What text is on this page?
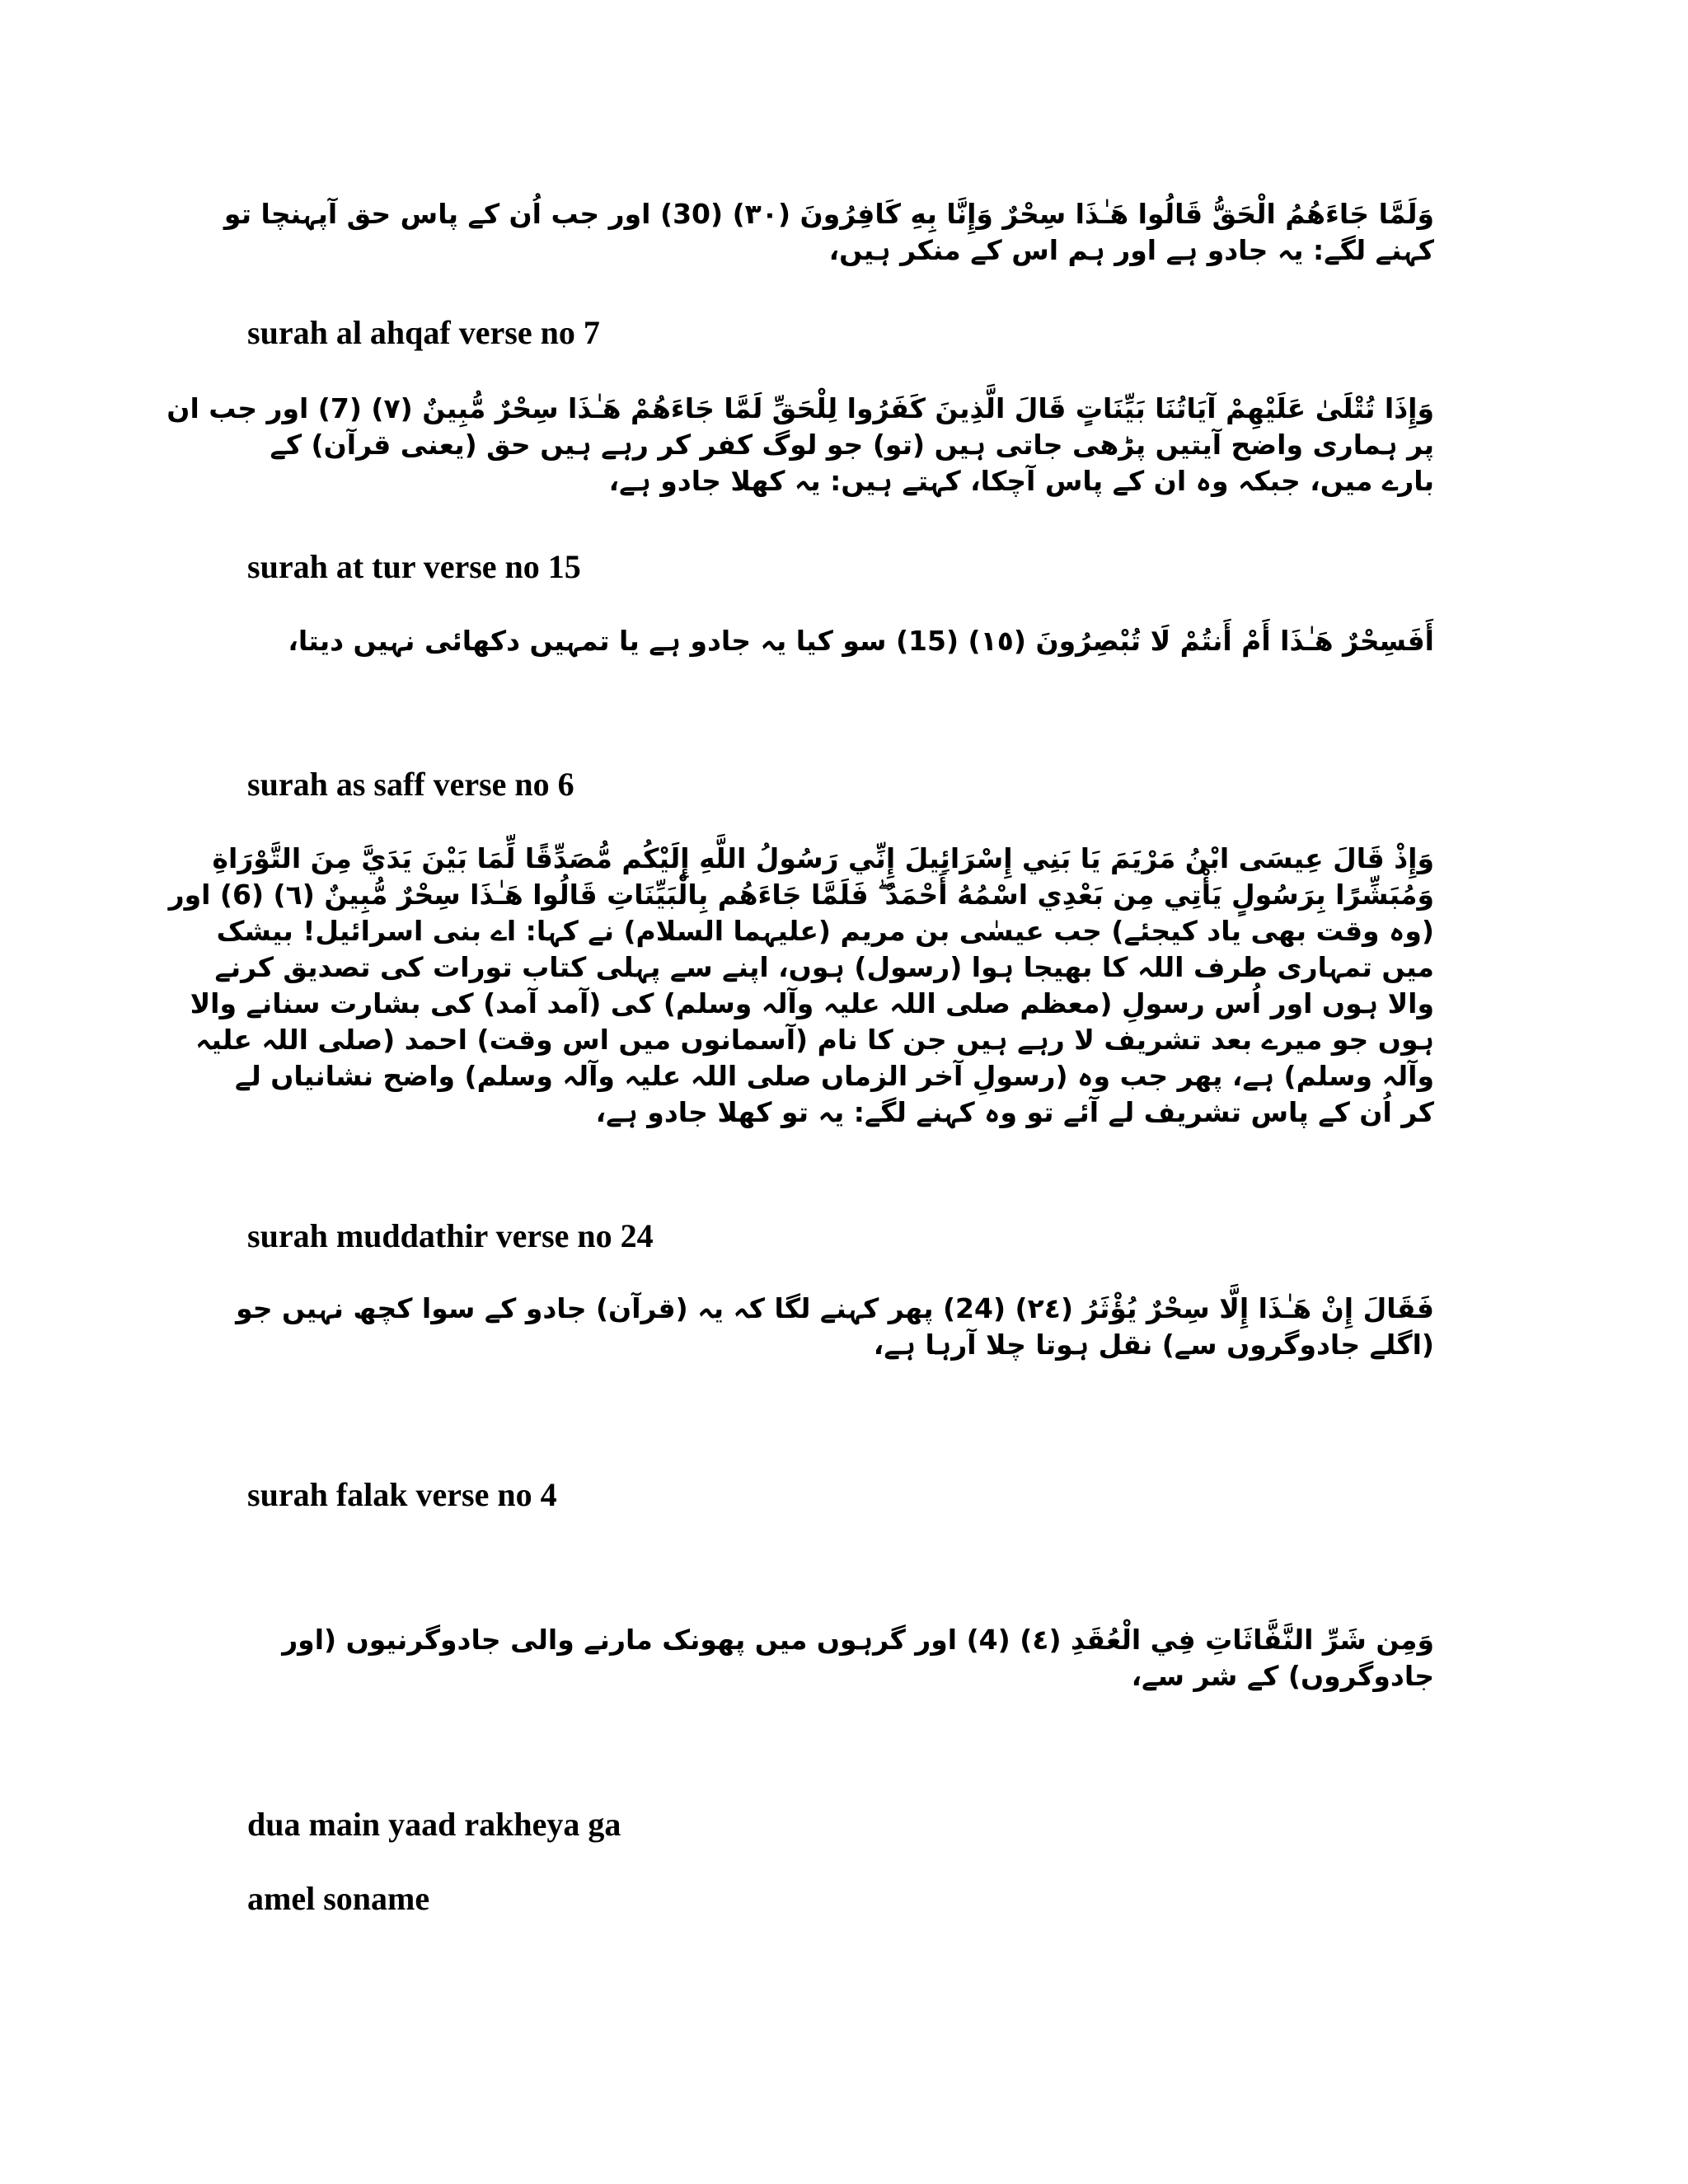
وَلَمَّا جَاءَهُمُ الْحَقُّ قَالُوا هَـٰذَا سِحْرٌ وَإِنَّا بِهِ كَافِرُونَ (٣٠) (30) اور جب اُن کے پاس حق آپہنچا تو
کہنے لگے: یہ جادو ہے اور ہم اس کے منکر ہیں،
surah al ahqaf verse no 7
وَإِذَا تُتْلَىٰ عَلَيْهِمْ آيَاتُنَا بَيِّنَاتٍ قَالَ الَّذِينَ كَفَرُوا لِلْحَقِّ لَمَّا جَاءَهُمْ هَـٰذَا سِحْرٌ مُّبِينٌ (٧) (7) اور جب ان
پر ہماری واضح آیتیں پڑھی جاتی ہیں (تو) جو لوگ کفر کر رہے ہیں حق (یعنی قرآن) کے
بارے میں، جبکہ وہ ان کے پاس آچکا، کہتے ہیں: یہ کھلا جادو ہے،
surah at tur verse no 15
أَفَسِحْرٌ هَـٰذَا أَمْ أَنتُمْ لَا تُبْصِرُونَ (١٥) (15) سو کیا یہ جادو ہے یا تمہیں دکھائی نہیں دیتا،
surah as saff verse no 6
وَإِذْ قَالَ عِيسَى ابْنُ مَرْيَمَ يَا بَنِي إِسْرَائِيلَ إِنِّي رَسُولُ اللَّهِ إِلَيْكُم مُّصَدِّقًا لِّمَا بَيْنَ يَدَيَّ مِنَ التَّوْرَاةِ
وَمُبَشِّرًا بِرَسُولٍ يَأْتِي مِن بَعْدِي اسْمُهُ أَحْمَدُ ۖ فَلَمَّا جَاءَهُم بِالْبَيِّنَاتِ قَالُوا هَـٰذَا سِحْرٌ مُّبِينٌ (٦) (6) اور
(وہ وقت بھی یاد کیجئے) جب عیسٰی بن مریم (علیہما السلام) نے کہا: اے بنی اسرائیل! بیشک
میں تمہاری طرف اللہ کا بھیجا ہوا (رسول) ہوں، اپنے سے پہلی کتاب تورات کی تصدیق کرنے
والا ہوں اور اُس رسولِ (معظم صلی اللہ علیہ وآلہ وسلم) کی (آمد آمد) کی بشارت سنانے والا
ہوں جو میرے بعد تشریف لا رہے ہیں جن کا نام (آسمانوں میں اس وقت) احمد (صلی اللہ علیہ
وآلہ وسلم) ہے، پھر جب وہ (رسولِ آخر الزماں صلی اللہ علیہ وآلہ وسلم) واضح نشانیاں لے
کر اُن کے پاس تشریف لے آئے تو وہ کہنے لگے: یہ تو کھلا جادو ہے،
surah muddathir verse no 24
فَقَالَ إِنْ هَـٰذَا إِلَّا سِحْرٌ يُؤْثَرُ (٢٤) (24) پھر کہنے لگا کہ یہ (قرآن) جادو کے سوا کچھ نہیں جو
(اگلے جادوگروں سے) نقل ہوتا چلا آرہا ہے،
surah falak verse no 4
وَمِن شَرِّ النَّفَّاثَاتِ فِي الْعُقَدِ (٤) (4) اور گرہوں میں پھونک مارنے والی جادوگرنیوں (اور
جادوگروں) کے شر سے،
dua main yaad rakheya ga
amel soname
